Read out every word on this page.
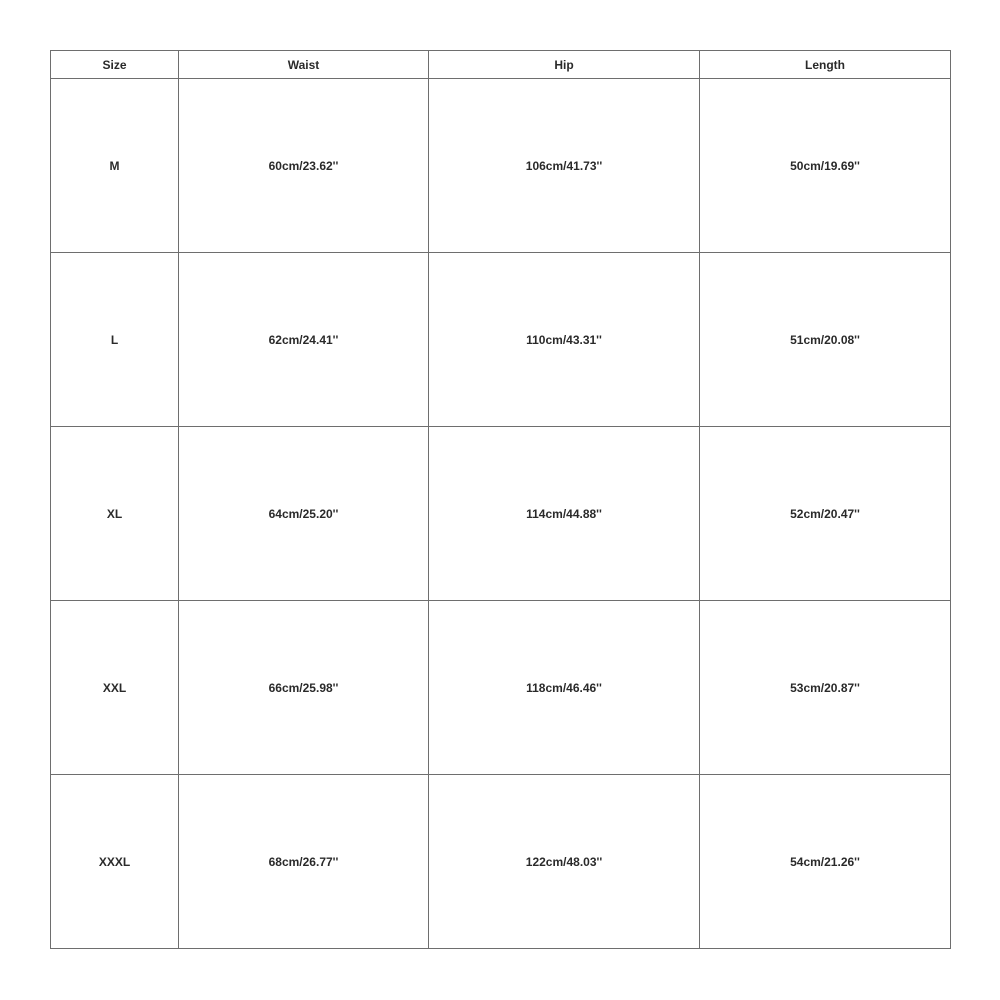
Size	Waist	Hip	Length
M	60cm/23.62''	106cm/41.73''	50cm/19.69''
L	62cm/24.41''	110cm/43.31''	51cm/20.08''
XL	64cm/25.20''	114cm/44.88''	52cm/20.47''
XXL	66cm/25.98''	118cm/46.46''	53cm/20.87''
XXXL	68cm/26.77''	122cm/48.03''	54cm/21.26''
